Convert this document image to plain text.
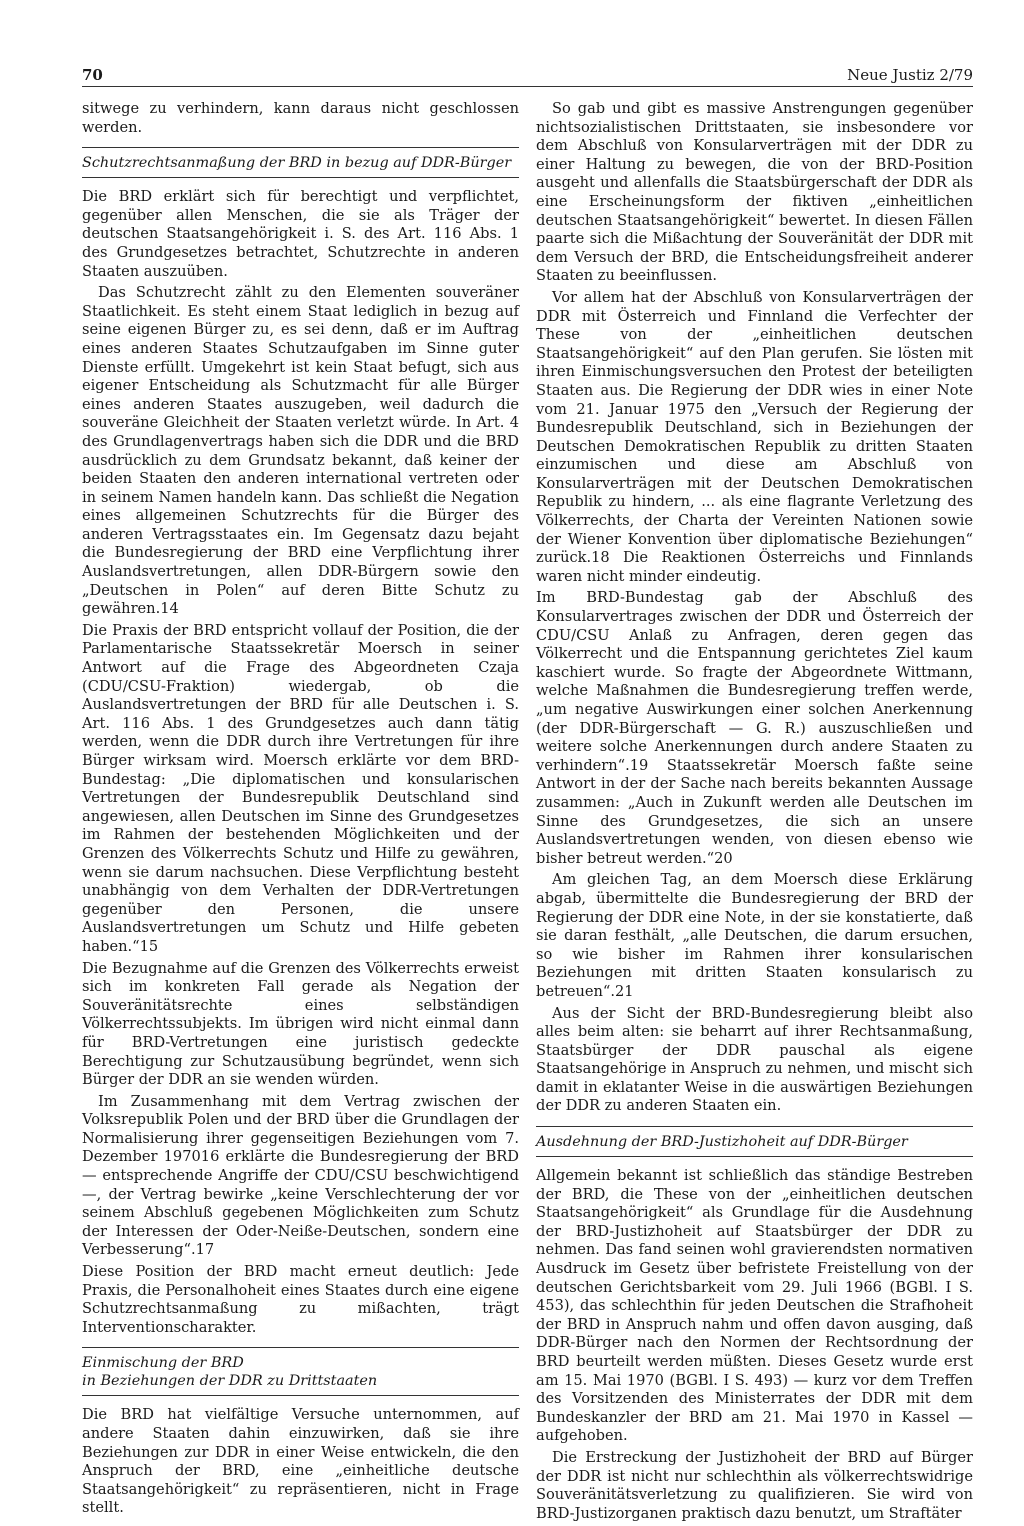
70	Neue Justiz 2/79

sitwege zu verhindern, kann daraus nicht geschlossen werden.

Schutzrechtsanmaßung der BRD in bezug auf DDR-Bürger

Die BRD erklärt sich für berechtigt und verpflichtet, gegenüber allen Menschen, die sie als Träger der deutschen Staatsangehörigkeit i. S. des Art. 116 Abs. 1 des Grundgesetzes betrachtet, Schutzrechte in anderen Staaten auszuüben.

Das Schutzrecht zählt zu den Elementen souveräner Staatlichkeit. Es steht einem Staat lediglich in bezug auf seine eigenen Bürger zu, es sei denn, daß er im Auftrag eines anderen Staates Schutzaufgaben im Sinne guter Dienste erfüllt. Umgekehrt ist kein Staat befugt, sich aus eigener Entscheidung als Schutzmacht für alle Bürger eines anderen Staates auszugeben, weil dadurch die souveräne Gleichheit der Staaten verletzt würde. In Art. 4 des Grundlagenvertrags haben sich die DDR und die BRD ausdrücklich zu dem Grundsatz bekannt, daß keiner der beiden Staaten den anderen international vertreten oder in seinem Namen handeln kann. Das schließt die Negation eines allgemeinen Schutzrechts für die Bürger des anderen Vertragsstaates ein. Im Gegensatz dazu bejaht die Bundesregierung der BRD eine Verpflichtung ihrer Auslandsvertretungen, allen DDR-Bürgern sowie den „Deutschen in Polen“ auf deren Bitte Schutz zu gewähren.14

Die Praxis der BRD entspricht vollauf der Position, die der Parlamentarische Staatssekretär Moersch in seiner Antwort auf die Frage des Abgeordneten Czaja (CDU/CSU-Fraktion) wiedergab, ob die Auslandsvertretungen der BRD für alle Deutschen i. S. Art. 116 Abs. 1 des Grundgesetzes auch dann tätig werden, wenn die DDR durch ihre Vertretungen für ihre Bürger wirksam wird. Moersch erklärte vor dem BRD-Bundestag: „Die diplomatischen und konsularischen Vertretungen der Bundesrepublik Deutschland sind angewiesen, allen Deutschen im Sinne des Grundgesetzes im Rahmen der bestehenden Möglichkeiten und der Grenzen des Völkerrechts Schutz und Hilfe zu gewähren, wenn sie darum nachsuchen. Diese Verpflichtung besteht unabhängig von dem Verhalten der DDR-Vertretungen gegenüber den Personen, die unsere Auslandsvertretungen um Schutz und Hilfe gebeten haben.“15

Die Bezugnahme auf die Grenzen des Völkerrechts erweist sich im konkreten Fall gerade als Negation der Souveränitätsrechte eines selbständigen Völkerrechtssubjekts. Im übrigen wird nicht einmal dann für BRD-Vertretungen eine juristisch gedeckte Berechtigung zur Schutzausübung begründet, wenn sich Bürger der DDR an sie wenden würden.

Im Zusammenhang mit dem Vertrag zwischen der Volksrepublik Polen und der BRD über die Grundlagen der Normalisierung ihrer gegenseitigen Beziehungen vom 7. Dezember 197016 erklärte die Bundesregierung der BRD — entsprechende Angriffe der CDU/CSU beschwichtigend —, der Vertrag bewirke „keine Verschlechterung der vor seinem Abschluß gegebenen Möglichkeiten zum Schutz der Interessen der Oder-Neiße-Deutschen, sondern eine Verbesserung“.17

Diese Position der BRD macht erneut deutlich: Jede Praxis, die Personalhoheit eines Staates durch eine eigene Schutzrechtsanmaßung zu mißachten, trägt Interventionscharakter.

Einmischung der BRD
in Beziehungen der DDR zu Drittstaaten

Die BRD hat vielfältige Versuche unternommen, auf andere Staaten dahin einzuwirken, daß sie ihre Beziehungen zur DDR in einer Weise entwickeln, die den Anspruch der BRD, eine „einheitliche deutsche Staatsangehörigkeit“ zu repräsentieren, nicht in Frage stellt.

So gab und gibt es massive Anstrengungen gegenüber nichtsozialistischen Drittstaaten, sie insbesondere vor dem Abschluß von Konsularverträgen mit der DDR zu einer Haltung zu bewegen, die von der BRD-Position ausgeht und allenfalls die Staatsbürgerschaft der DDR als eine Erscheinungsform der fiktiven „einheitlichen deutschen Staatsangehörigkeit“ bewertet. In diesen Fällen paarte sich die Mißachtung der Souveränität der DDR mit dem Versuch der BRD, die Entscheidungsfreiheit anderer Staaten zu beeinflussen.

Vor allem hat der Abschluß von Konsularverträgen der DDR mit Österreich und Finnland die Verfechter der These von der „einheitlichen deutschen Staatsangehörigkeit“ auf den Plan gerufen. Sie lösten mit ihren Einmischungsversuchen den Protest der beteiligten Staaten aus. Die Regierung der DDR wies in einer Note vom 21. Januar 1975 den „Versuch der Regierung der Bundesrepublik Deutschland, sich in Beziehungen der Deutschen Demokratischen Republik zu dritten Staaten einzumischen und diese am Abschluß von Konsularverträgen mit der Deutschen Demokratischen Republik zu hindern, ... als eine flagrante Verletzung des Völkerrechts, der Charta der Vereinten Nationen sowie der Wiener Konvention über diplomatische Beziehungen“ zurück.18 Die Reaktionen Österreichs und Finnlands waren nicht minder eindeutig.

Im BRD-Bundestag gab der Abschluß des Konsularvertrages zwischen der DDR und Österreich der CDU/CSU Anlaß zu Anfragen, deren gegen das Völkerrecht und die Entspannung gerichtetes Ziel kaum kaschiert wurde. So fragte der Abgeordnete Wittmann, welche Maßnahmen die Bundesregierung treffen werde, „um negative Auswirkungen einer solchen Anerkennung (der DDR-Bürgerschaft — G. R.) auszuschließen und weitere solche Anerkennungen durch andere Staaten zu verhindern“.19 Staatssekretär Moersch faßte seine Antwort in der der Sache nach bereits bekannten Aussage zusammen: „Auch in Zukunft werden alle Deutschen im Sinne des Grundgesetzes, die sich an unsere Auslandsvertretungen wenden, von diesen ebenso wie bisher betreut werden.“20

Am gleichen Tag, an dem Moersch diese Erklärung abgab, übermittelte die Bundesregierung der BRD der Regierung der DDR eine Note, in der sie konstatierte, daß sie daran festhält, „alle Deutschen, die darum ersuchen, so wie bisher im Rahmen ihrer konsularischen Beziehungen mit dritten Staaten konsularisch zu betreuen“.21

Aus der Sicht der BRD-Bundesregierung bleibt also alles beim alten: sie beharrt auf ihrer Rechtsanmaßung, Staatsbürger der DDR pauschal als eigene Staatsangehörige in Anspruch zu nehmen, und mischt sich damit in eklatanter Weise in die auswärtigen Beziehungen der DDR zu anderen Staaten ein.

Ausdehnung der BRD-Justizhoheit auf DDR-Bürger

Allgemein bekannt ist schließlich das ständige Bestreben der BRD, die These von der „einheitlichen deutschen Staatsangehörigkeit“ als Grundlage für die Ausdehnung der BRD-Justizhoheit auf Staatsbürger der DDR zu nehmen. Das fand seinen wohl gravierendsten normativen Ausdruck im Gesetz über befristete Freistellung von der deutschen Gerichtsbarkeit vom 29. Juli 1966 (BGBl. I S. 453), das schlechthin für jeden Deutschen die Strafhoheit der BRD in Anspruch nahm und offen davon ausging, daß DDR-Bürger nach den Normen der Rechtsordnung der BRD beurteilt werden müßten. Dieses Gesetz wurde erst am 15. Mai 1970 (BGBl. I S. 493) — kurz vor dem Treffen des Vorsitzenden des Ministerrates der DDR mit dem Bundeskanzler der BRD am 21. Mai 1970 in Kassel — aufgehoben.

Die Erstreckung der Justizhoheit der BRD auf Bürger der DDR ist nicht nur schlechthin als völkerrechtswidrige Souveränitätsverletzung zu qualifizieren. Sie wird von BRD-Justizorganen praktisch dazu benutzt, um Straftäter
